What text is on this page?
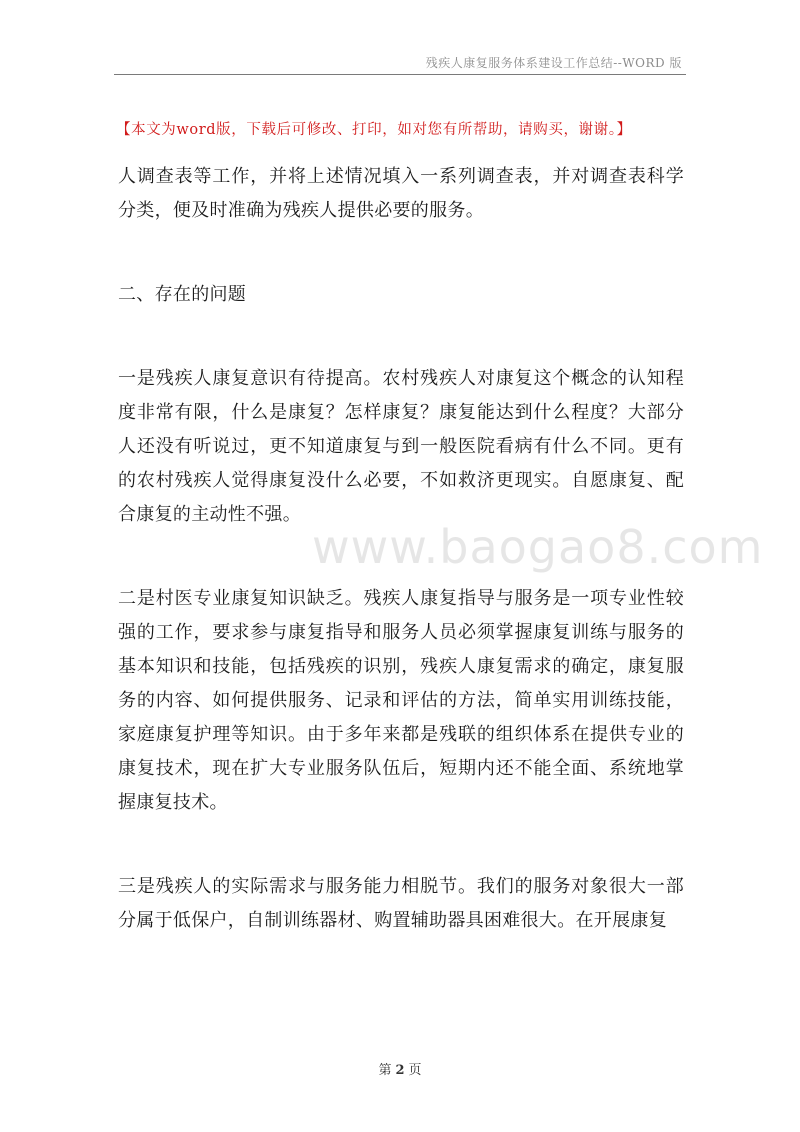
残疾人康复服务体系建设工作总结--WORD 版
【本文为word版，下载后可修改、打印，如对您有所帮助，请购买，谢谢。】

人调查表等工作，并将上述情况填入一系列调查表，并对调查表科学分类，便及时准确为残疾人提供必要的服务。

二、存在的问题

一是残疾人康复意识有待提高。农村残疾人对康复这个概念的认知程度非常有限，什么是康复？怎样康复？康复能达到什么程度？大部分人还没有听说过，更不知道康复与到一般医院看病有什么不同。更有的农村残疾人觉得康复没什么必要，不如救济更现实。自愿康复、配合康复的主动性不强。

二是村医专业康复知识缺乏。残疾人康复指导与服务是一项专业性较强的工作，要求参与康复指导和服务人员必须掌握康复训练与服务的基本知识和技能，包括残疾的识别，残疾人康复需求的确定，康复服务的内容、如何提供服务、记录和评估的方法，简单实用训练技能，家庭康复护理等知识。由于多年来都是残联的组织体系在提供专业的康复技术，现在扩大专业服务队伍后，短期内还不能全面、系统地掌握康复技术。

三是残疾人的实际需求与服务能力相脱节。我们的服务对象很大一部分属于低保户，自制训练器材、购置辅助器具困难很大。在开展康复

www.baogao8.com
第 2 页
